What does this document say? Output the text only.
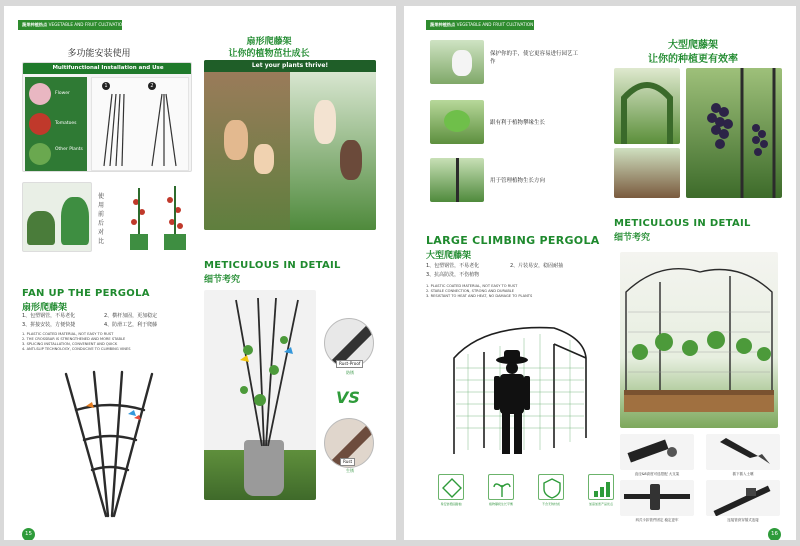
蔬果种植热点 VEGETABLE AND FRUIT CULTIVATION
多功能安装使用
Multifunctional Installation and Use
Flower
Tomatoes
Other Plants
1	2
使用前后对比
扇形爬藤架
让你的植物茁壮成长
Let your plants thrive!
FAN UP THE PERGOLA
扇形爬藤架
1、包塑钢管，不易老化
3、拼接安装，方便快捷
2、横杆加固，更加稳定
4、防滑工艺，利于爬藤
1. PLASTIC COATED MATERIAL, NOT EASY TO RUST
2. THE CROSSBAR IS STRENGTHENED AND MORE STABLE
3. SPLICING INSTALLATION, CONVENIENT AND QUICK
4. ANTI-SLIP TECHNOLOGY, CONDUCIVE TO CLIMBING VINES
METICULOUS IN DETAIL
细节考究
Rust-Proof
防锈
VS
Rust
生锈
15
蔬果种植热点 VEGETABLE AND FRUIT CULTIVATION
保护你的手，使它更容易进行园艺工作
跟有利于植物攀缘生长
用于管理植物生长方向
大型爬藤架
让你的种植更有效率
LARGE CLIMBING PERGOLA
大型爬藤架
1、包塑钢管，不易老化
3、抗高防洗，不伤植物
2、片装易安，稳固耐抽
1. PLASTIC COATED MATERIAL, NOT EASY TO RUST
2. STABLE CONNECTION, STRONG AND DURABLE
3. RESISTANT TO HEAT AND HEAT, NO DAMAGE TO PLANTS
易安装稳固耐抽	植物攀爬生长平衡	不含无锈材质	加高加宽产品优点
METICULOUS IN DETAIL
细节考究
直径&8高度可选搭配 大支架	插下插入土壤
斜式卡扣管件固定 稳定更牢	连接管套穿插式连接
16
